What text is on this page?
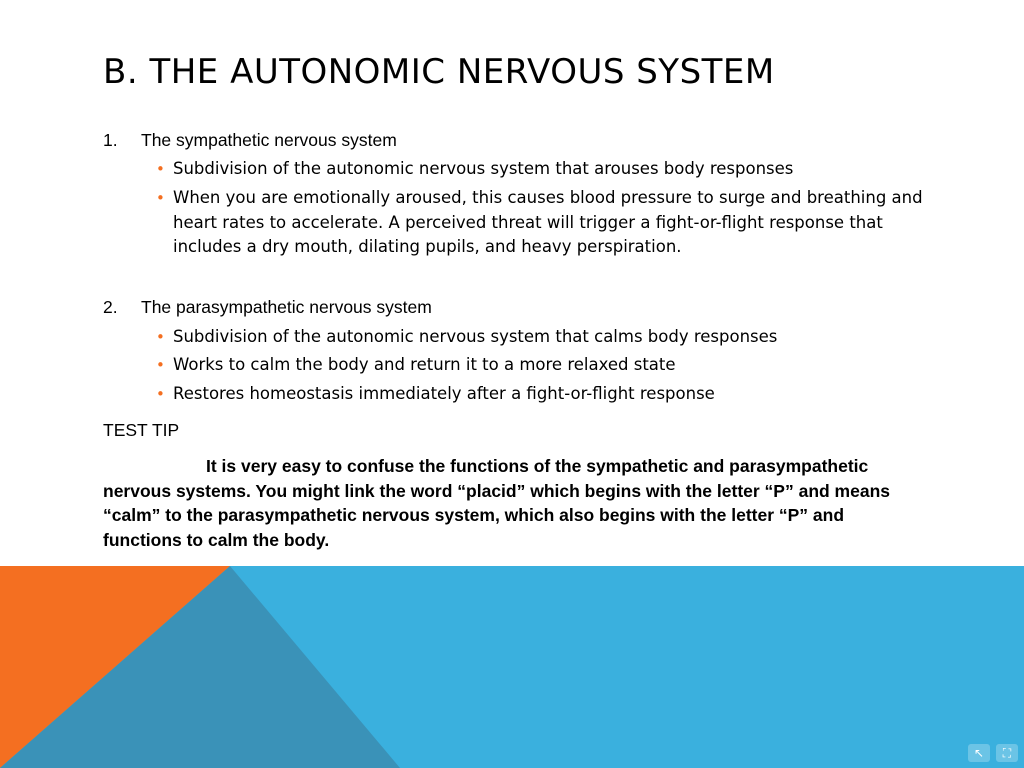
B. THE AUTONOMIC NERVOUS SYSTEM
1. The sympathetic nervous system
• Subdivision of the autonomic nervous system that arouses body responses
• When you are emotionally aroused, this causes blood pressure to surge and breathing and heart rates to accelerate. A perceived threat will trigger a fight-or-flight response that includes a dry mouth, dilating pupils, and heavy perspiration.
2. The parasympathetic nervous system
• Subdivision of the autonomic nervous system that calms body responses
• Works to calm the body and return it to a more relaxed state
• Restores homeostasis immediately after a fight-or-flight response
TEST TIP
It is very easy to confuse the functions of the sympathetic and parasympathetic nervous systems. You might link the word “placid” which begins with the letter “P” and means “calm” to the parasympathetic nervous system, which also begins with the letter “P” and functions to calm the body.
↖	⛶
